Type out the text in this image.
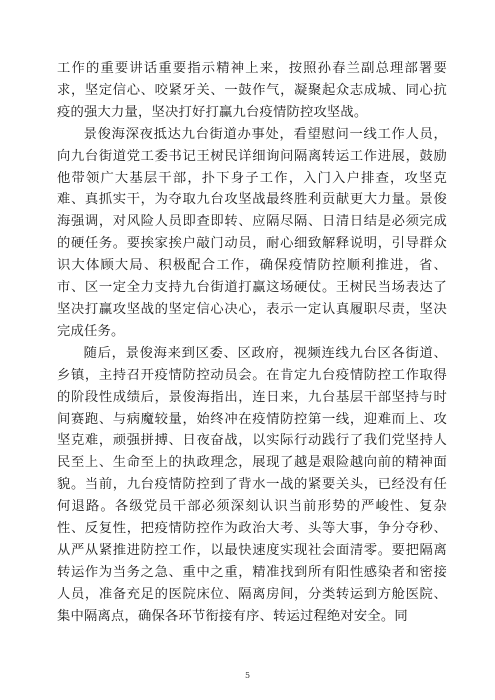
工作的重要讲话重要指示精神上来，按照孙春兰副总理部署要求，坚定信心、咬紧牙关、一鼓作气，凝聚起众志成城、同心抗疫的强大力量，坚决打好打赢九台疫情防控攻坚战。

景俊海深夜抵达九台街道办事处，看望慰问一线工作人员，向九台街道党工委书记王树民详细询问隔离转运工作进展，鼓励他带领广大基层干部，扑下身子工作，入门入户排查，攻坚克难、真抓实干，为夺取九台攻坚战最终胜利贡献更大力量。景俊海强调，对风险人员即查即转、应隔尽隔、日清日结是必须完成的硬任务。要挨家挨户敲门动员，耐心细致解释说明，引导群众识大体顾大局、积极配合工作，确保疫情防控顺利推进，省、市、区一定全力支持九台街道打赢这场硬仗。王树民当场表达了坚决打赢攻坚战的坚定信心决心，表示一定认真履职尽责，坚决完成任务。

随后，景俊海来到区委、区政府，视频连线九台区各街道、乡镇，主持召开疫情防控动员会。在肯定九台疫情防控工作取得的阶段性成绩后，景俊海指出，连日来，九台基层干部坚持与时间赛跑、与病魔较量，始终冲在疫情防控第一线，迎难而上、攻坚克难，顽强拼搏、日夜奋战，以实际行动践行了我们党坚持人民至上、生命至上的执政理念，展现了越是艰险越向前的精神面貌。当前，九台疫情防控到了背水一战的紧要关头，已经没有任何退路。各级党员干部必须深刻认识当前形势的严峻性、复杂性、反复性，把疫情防控作为政治大考、头等大事，争分夺秒、从严从紧推进防控工作，以最快速度实现社会面清零。要把隔离转运作为当务之急、重中之重，精准找到所有阳性感染者和密接人员，准备充足的医院床位、隔离房间，分类转运到方舱医院、集中隔离点，确保各环节衔接有序、转运过程绝对安全。同

5
